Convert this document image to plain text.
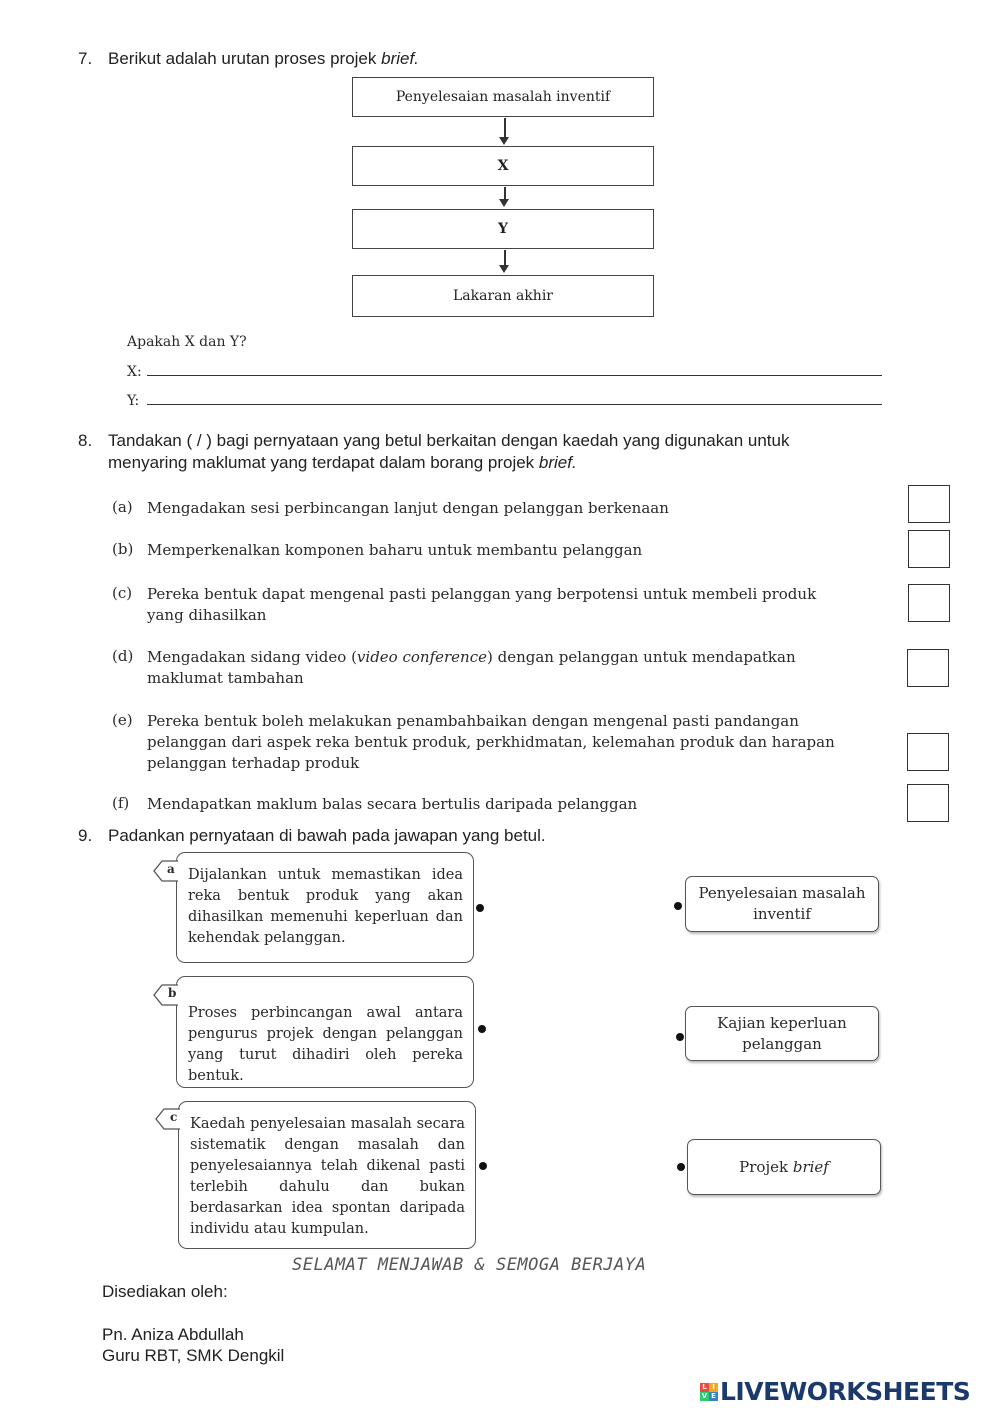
7. Berikut adalah urutan proses projek brief.
Penyelesaian masalah inventif
X
Y
Lakaran akhir
Apakah X dan Y?
X:
Y:
8. Tandakan ( / ) bagi pernyataan yang betul berkaitan dengan kaedah yang digunakan untuk
menyaring maklumat yang terdapat dalam borang projek brief.
(a) Mengadakan sesi perbincangan lanjut dengan pelanggan berkenaan
(b) Memperkenalkan komponen baharu untuk membantu pelanggan
(c) Pereka bentuk dapat mengenal pasti pelanggan yang berpotensi untuk membeli produk yang dihasilkan
(d) Mengadakan sidang video (video conference) dengan pelanggan untuk mendapatkan maklumat tambahan
(e) Pereka bentuk boleh melakukan penambahbaikan dengan mengenal pasti pandangan pelanggan dari aspek reka bentuk produk, perkhidmatan, kelemahan produk dan harapan pelanggan terhadap produk
(f) Mendapatkan maklum balas secara bertulis daripada pelanggan
9. Padankan pernyataan di bawah pada jawapan yang betul.
Dijalankan untuk memastikan idea reka bentuk produk yang akan dihasilkan memenuhi keperluan dan kehendak pelanggan.
a
Proses perbincangan awal antara pengurus projek dengan pelanggan yang turut dihadiri oleh pereka bentuk.
b
Kaedah penyelesaian masalah secara sistematik dengan masalah dan penyelesaiannya telah dikenal pasti terlebih dahulu dan bukan berdasarkan idea spontan daripada individu atau kumpulan.
c
Penyelesaian masalah
inventif
Kajian keperluan
pelanggan
Projek brief
SELAMAT MENJAWAB & SEMOGA BERJAYA
Disediakan oleh:
Pn. Aniza Abdullah
Guru RBT, SMK Dengkil
L I
V E LIVEWORKSHEETS
